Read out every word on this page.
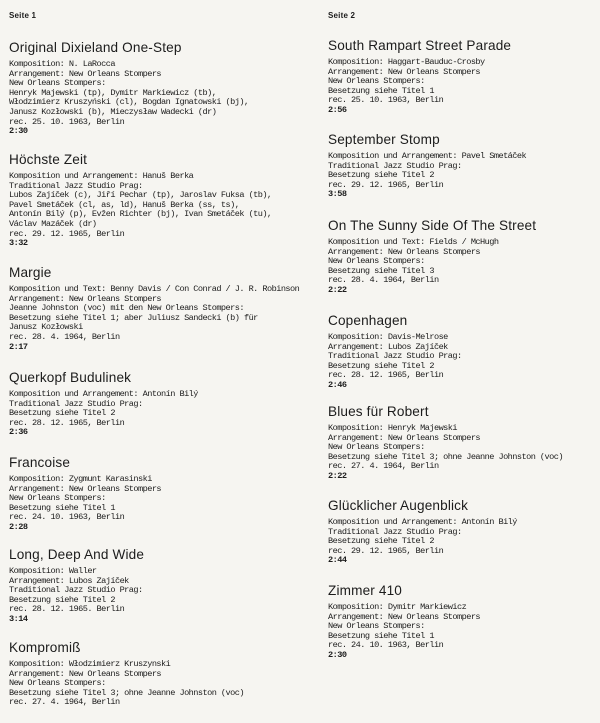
Seite 1
Original Dixieland One-Step
Komposition: N. LaRocca
Arrangement: New Orleans Stompers
New Orleans Stompers:
Henryk Majewski (tp), Dymitr Markiewicz (tb),
Włodzimierz Kruszyński (cl), Bogdan Ignatowski (bj),
Janusz Kozłowski (b), Mieczysław Wadecki (dr)
rec. 25. 10. 1963, Berlin
2:30
Höchste Zeit
Komposition und Arrangement: Hanuš Berka
Traditional Jazz Studio Prag:
Lubos Zajíček (c), Jiří Pechar (tp), Jaroslav Fuksa (tb),
Pavel Smetáček (cl, as, ld), Hanuš Berka (ss, ts),
Antonín Bilý (p), Evžen Richter (bj), Ivan Smetáček (tu),
Václav Mazáček (dr)
rec. 29. 12. 1965, Berlin
3:32
Margie
Komposition und Text: Benny Davis / Con Conrad / J. R. Robinson
Arrangement: New Orleans Stompers
Jeanne Johnston (voc) mit den New Orleans Stompers:
Besetzung siehe Titel 1; aber Juliusz Sandecki (b) für
Janusz Kozłowski
rec. 28. 4. 1964, Berlin
2:17
Querkopf Budulinek
Komposition und Arrangement: Antonín Bilý
Traditional Jazz Studio Prag:
Besetzung siehe Titel 2
rec. 28. 12. 1965, Berlin
2:36
Francoise
Komposition: Zygmunt Karasinski
Arrangement: New Orleans Stompers
New Orleans Stompers:
Besetzung siehe Titel 1
rec. 24. 10. 1963, Berlin
2:28
Long, Deep And Wide
Komposition: Waller
Arrangement: Lubos Zajíček
Traditional Jazz Studio Prag:
Besetzung siehe Titel 2
rec. 28. 12. 1965. Berlin
3:14
Kompromiß
Komposition: Włodzimierz Kruszynski
Arrangement: New Orleans Stompers
New Orleans Stompers:
Besetzung siehe Titel 3; ohne Jeanne Johnston (voc)
rec. 27. 4. 1964, Berlin
Seite 2
South Rampart Street Parade
Komposition: Haggart-Bauduc-Crosby
Arrangement: New Orleans Stompers
New Orleans Stompers:
Besetzung siehe Titel 1
rec. 25. 10. 1963, Berlin
2:56
September Stomp
Komposition und Arrangement: Pavel Smetáček
Traditional Jazz Studio Prag:
Besetzung siehe Titel 2
rec. 29. 12. 1965, Berlin
3:58
On The Sunny Side Of The Street
Komposition und Text: Fields / McHugh
Arrangement: New Orleans Stompers
New Orleans Stompers:
Besetzung siehe Titel 3
rec. 28. 4. 1964, Berlin
2:22
Copenhagen
Komposition: Davis-Melrose
Arrangement: Lubos Zajíček
Traditional Jazz Studio Prag:
Besetzung siehe Titel 2
rec. 28. 12. 1965, Berlin
2:46
Blues für Robert
Komposition: Henryk Majewski
Arrangement: New Orleans Stompers
New Orleans Stompers:
Besetzung siehe Titel 3; ohne Jeanne Johnston (voc)
rec. 27. 4. 1964, Berlin
2:22
Glücklicher Augenblick
Komposition und Arrangement: Antonín Bilý
Traditional Jazz Studio Prag:
Besetzung siehe Titel 2
rec. 29. 12. 1965, Berlin
2:44
Zimmer 410
Komposition: Dymitr Markiewicz
Arrangement: New Orleans Stompers
New Orleans Stompers:
Besetzung siehe Titel 1
rec. 24. 10. 1963, Berlin
2:30
